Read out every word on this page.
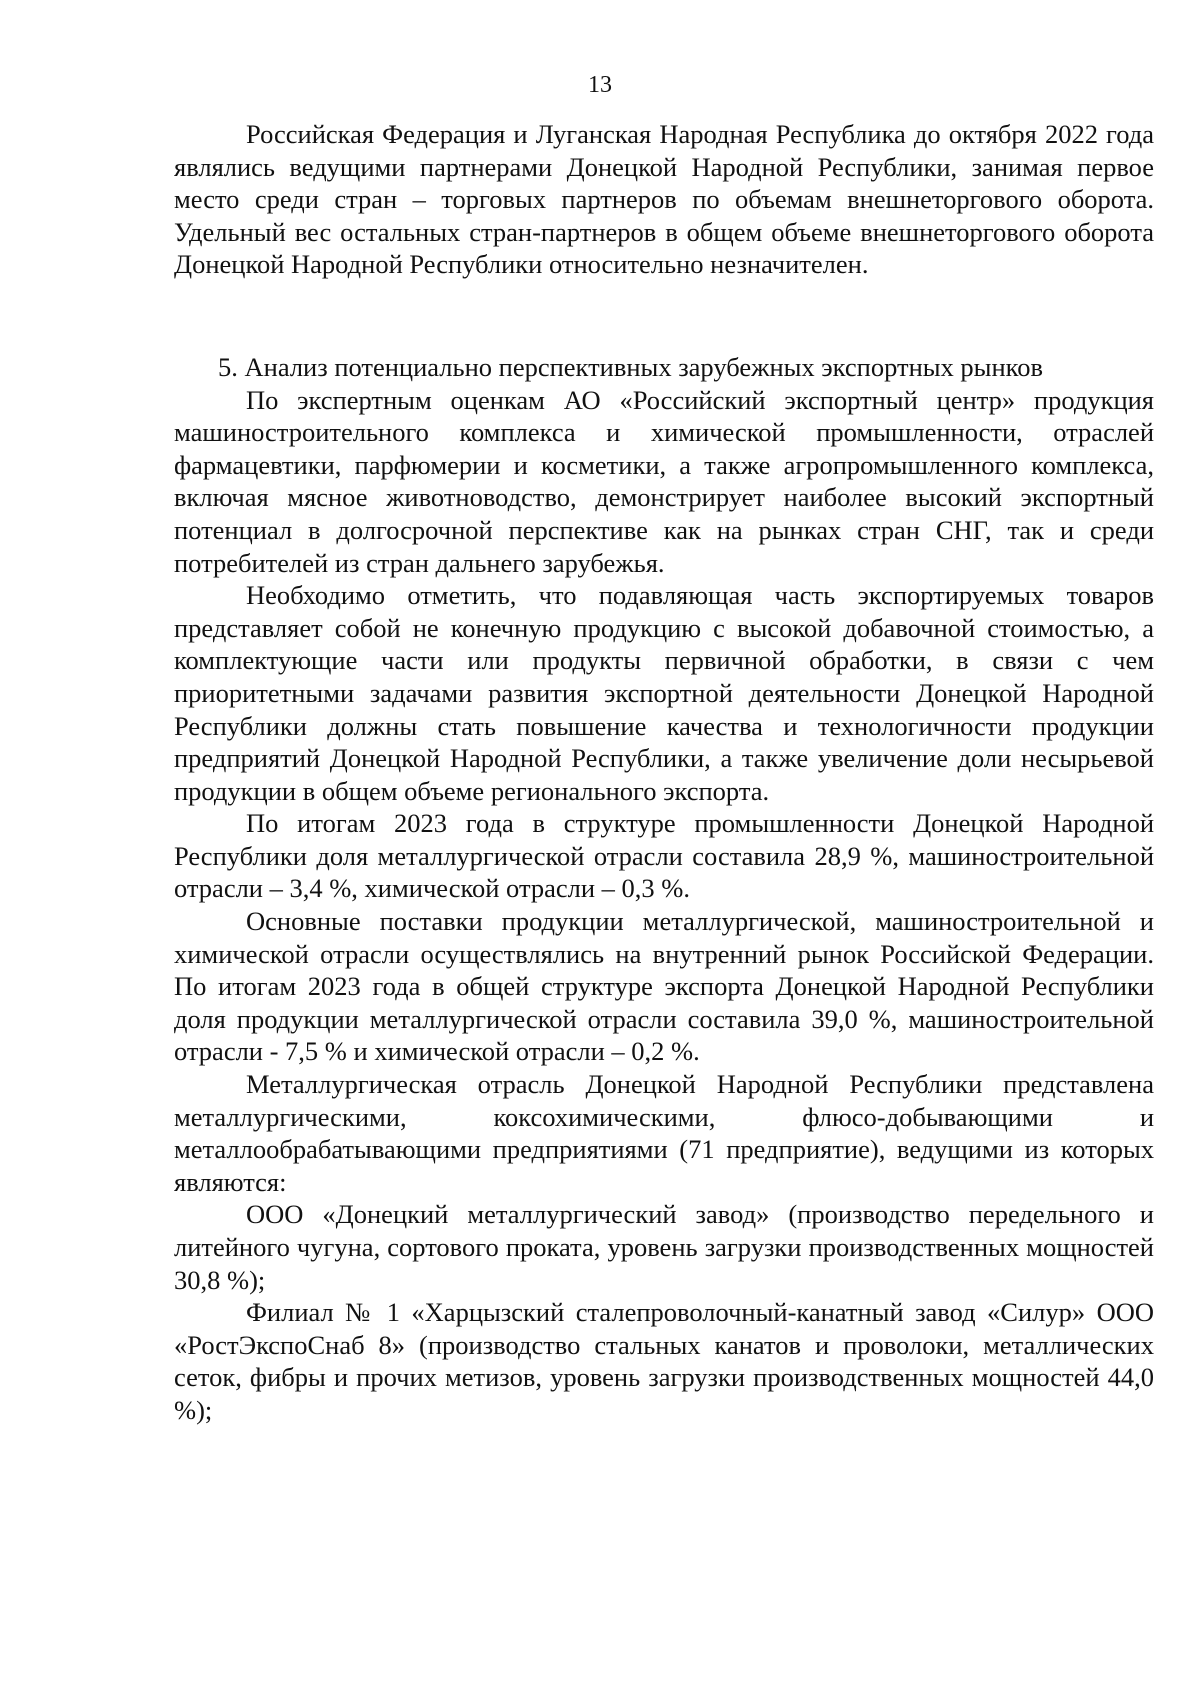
13

Российская Федерация и Луганская Народная Республика до октября 2022 года являлись ведущими партнерами Донецкой Народной Республики, занимая первое место среди стран – торговых партнеров по объемам внешнеторгового оборота. Удельный вес остальных стран-партнеров в общем объеме внешнеторгового оборота Донецкой Народной Республики относительно незначителен.

5. Анализ потенциально перспективных зарубежных экспортных рынков

По экспертным оценкам АО «Российский экспортный центр» продукция машиностроительного комплекса и химической промышленности, отраслей фармацевтики, парфюмерии и косметики, а также агропромышленного комплекса, включая мясное животноводство, демонстрирует наиболее высокий экспортный потенциал в долгосрочной перспективе как на рынках стран СНГ, так и среди потребителей из стран дальнего зарубежья.

Необходимо отметить, что подавляющая часть экспортируемых товаров представляет собой не конечную продукцию с высокой добавочной стоимостью, а комплектующие части или продукты первичной обработки, в связи с чем приоритетными задачами развития экспортной деятельности Донецкой Народной Республики должны стать повышение качества и технологичности продукции предприятий Донецкой Народной Республики, а также увеличение доли несырьевой продукции в общем объеме регионального экспорта.

По итогам 2023 года в структуре промышленности Донецкой Народной Республики доля металлургической отрасли составила 28,9 %, машиностроительной отрасли – 3,4 %, химической отрасли – 0,3 %.

Основные поставки продукции металлургической, машиностроительной и химической отрасли осуществлялись на внутренний рынок Российской Федерации. По итогам 2023 года в общей структуре экспорта Донецкой Народной Республики доля продукции металлургической отрасли составила 39,0 %, машиностроительной отрасли - 7,5 % и химической отрасли – 0,2 %.

Металлургическая отрасль Донецкой Народной Республики представлена металлургическими, коксохимическими, флюсо-добывающими и металлообрабатывающими предприятиями (71 предприятие), ведущими из которых являются:

ООО «Донецкий металлургический завод» (производство передельного и литейного чугуна, сортового проката, уровень загрузки производственных мощностей 30,8 %);

Филиал № 1 «Харцызский сталепроволочный-канатный завод «Силур» ООО «РостЭкспоСнаб 8» (производство стальных канатов и проволоки, металлических сеток, фибры и прочих метизов, уровень загрузки производственных мощностей 44,0 %);
